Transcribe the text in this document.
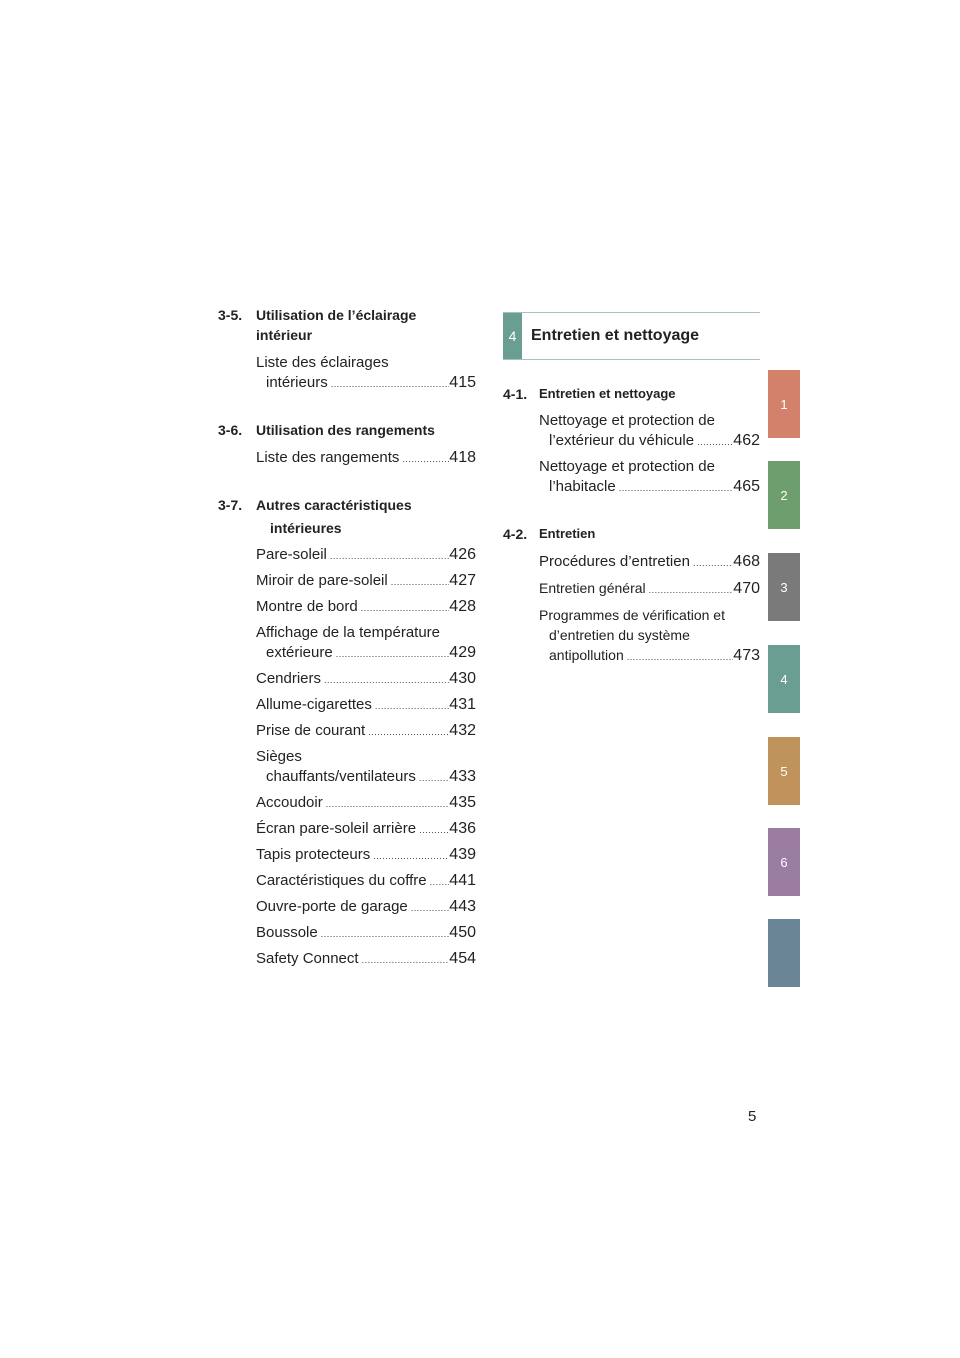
3-5. Utilisation de l’éclairage intérieur
Liste des éclairages
intérieurs .....	415
3-6. Utilisation des rangements
Liste des rangements .....	418
3-7. Autres caractéristiques
intérieures
Pare-soleil .....	426
Miroir de pare-soleil .....	427
Montre de bord .....	428
Affichage de la température
extérieure .....	429
Cendriers .....	430
Allume-cigarettes .....	431
Prise de courant .....	432
Sièges
chauffants/ventilateurs ..... 433
Accoudoir .....	435
Écran pare-soleil arrière ..... 436
Tapis protecteurs .....	439
Caractéristiques du coffre ..... 441
Ouvre-porte de garage .....	443
Boussole .....	450
Safety Connect .....	454
4 Entretien et nettoyage
4-1. Entretien et nettoyage
Nettoyage et protection de
l’extérieur du véhicule ..... 462
Nettoyage et protection de
l’habitacle .....	465
4-2. Entretien
Procédures d’entretien .....	468
Entretien général .....	470
Programmes de vérification et
d’entretien du système
antipollution .....	473
1
2
3
4
5
6
5
